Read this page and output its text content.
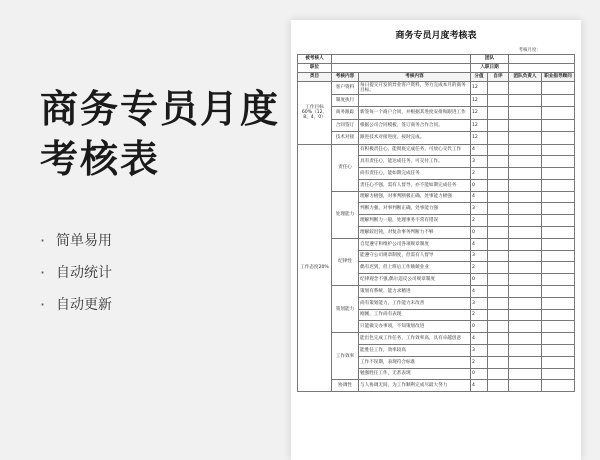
商务专员月度考核表
· 简单易用
· 自动统计
· 自动更新
商务专员月度考核表
考核月度：
被考核人			团队			
职位			入职日期			
类目	考核内容	考核内容	分值	自评	团队负责人	职业指导顾问
工作目标60%（12、8、4、0）	客户资料	每日提交开发的异业客户资料，努力完成本月的商务目标。	12			
	制度执行		12			
	商务跟踪	新签每一个商户合同，并根据其进度安排和跟进工作	12			
	合同签订	根据公司合同模板，签订商务合作合同。	12			
	技术对接	跟进技术对接进度，按时完成。	12			
工作态度20%	责任心	有积极责任心，能彻底完成任务，可放心交代工作	4			
		具有责任心，能达成任务，可交付工作。	3			
		尚有责任心，能如期完成任务	2			
		责任心不强，需有人督导，亦不能如期完成任务	0			
	处理能力	理解力极强，对事判断极正确，处事能力极强	4			
		判断力强，对事判断正确，处事能力强	3			
		理解判断力一般，处理事务不常有错误	2			
		理解较迟钝，对复杂事务判断力不够	0			
	纪律性	自觉遵守和维护公司各项规章制度	4			
		能遵守公司规章制度，但需有人督导	3			
		偶有迟到，但上班后工作兢兢业业	2			
		纪律观念不强,偶尔违反公司规章制度	0			
	策划能力	策划有系统、能力求精进	4			
		尚有策划能力，工作能力未改善	3			
		刚刚，工作尚有表现	2			
		只能做交办事项，不知策划改进	0			
	工作效率	能出色完成工作任务，工作效率高，具有卓越创意	4			
		能胜任工作，效率较高	3			
		工作不误期，表现符合标准	2			
		勉强胜任工作，无甚表现	0			
	协调性	与人协调无间，为工作顺利完成尽最大努力	4			
